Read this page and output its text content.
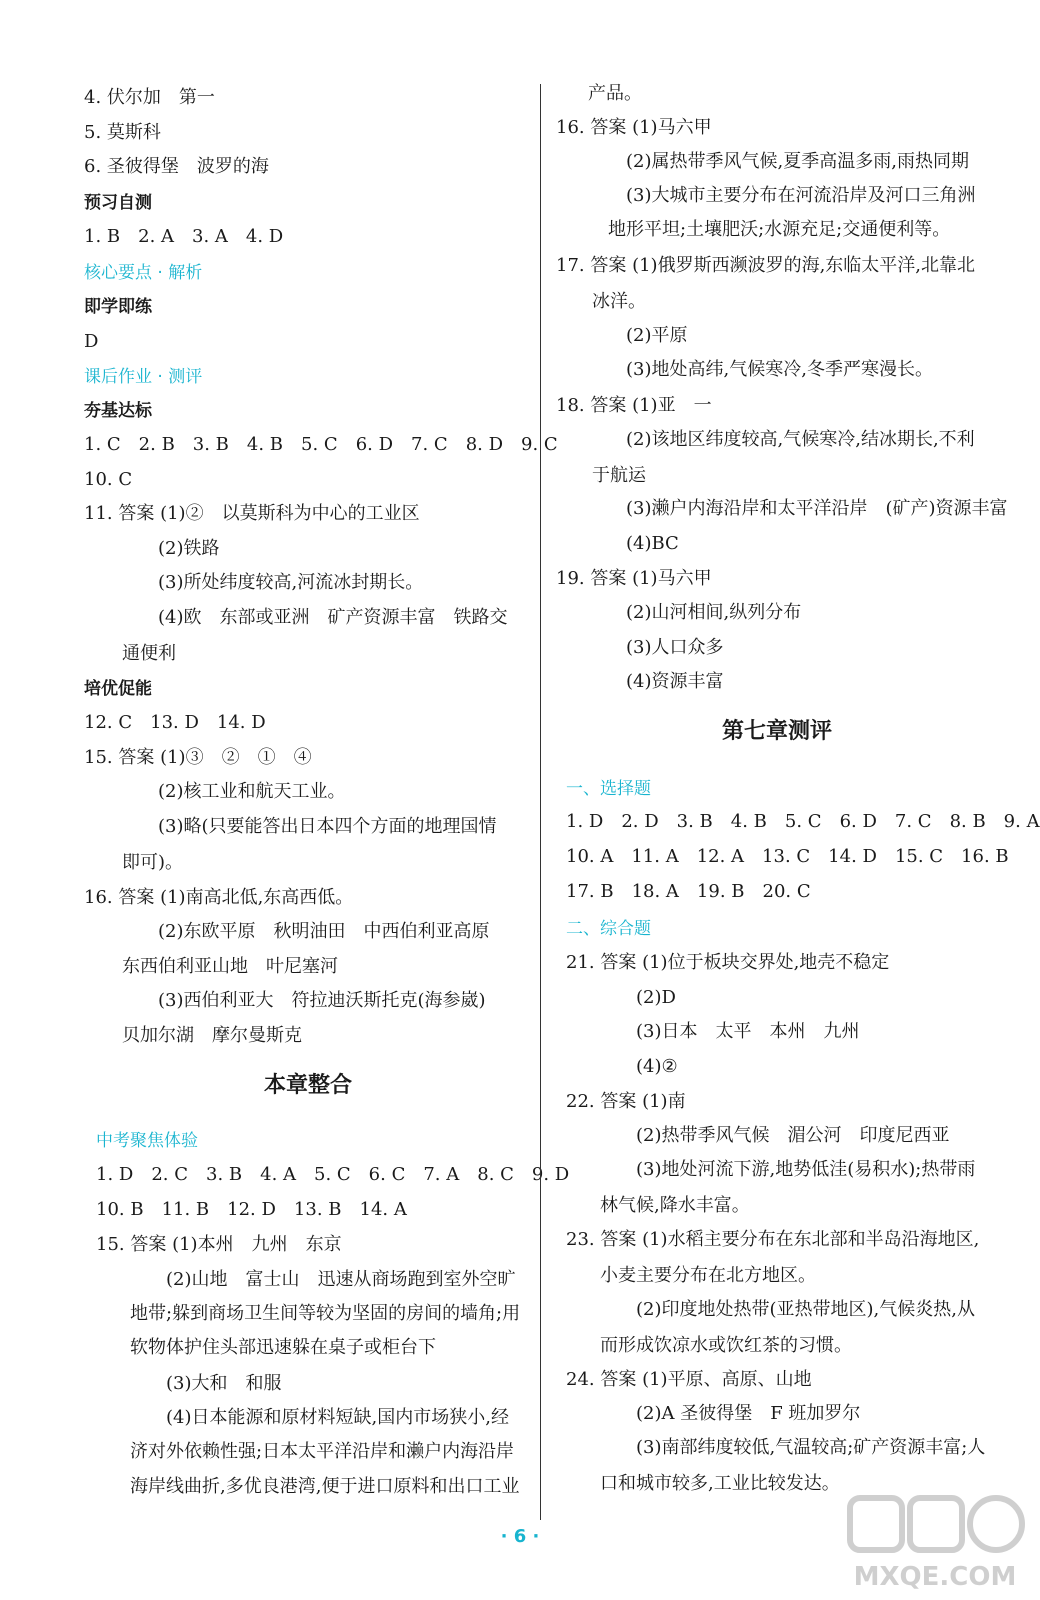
4. 伏尔加　第一
5. 莫斯科
6. 圣彼得堡　波罗的海
预习自测
1. B　2. A　3. A　4. D
核心要点 · 解析
即学即练
D
课后作业 · 测评
夯基达标
1. C　2. B　3. B　4. B　5. C　6. D　7. C　8. D　9. C
10. C
11. 答案 (1)②　以莫斯科为中心的工业区
(2)铁路
(3)所处纬度较高,河流冰封期长。
(4)欧　东部或亚洲　矿产资源丰富　铁路交
通便利
培优促能
12. C　13. D　14. D
15. 答案 (1)③　②　①　④
(2)核工业和航天工业。
(3)略(只要能答出日本四个方面的地理国情
即可)。
16. 答案 (1)南高北低,东高西低。
(2)东欧平原　秋明油田　中西伯利亚高原
东西伯利亚山地　叶尼塞河
(3)西伯利亚大　符拉迪沃斯托克(海参崴)
贝加尔湖　摩尔曼斯克
本章整合
中考聚焦体验
1. D　2. C　3. B　4. A　5. C　6. C　7. A　8. C　9. D
10. B　11. B　12. D　13. B　14. A
15. 答案 (1)本州　九州　东京
(2)山地　富士山　迅速从商场跑到室外空旷
地带;躲到商场卫生间等较为坚固的房间的墙角;用
软物体护住头部迅速躲在桌子或柜台下
(3)大和　和服
(4)日本能源和原材料短缺,国内市场狭小,经
济对外依赖性强;日本太平洋沿岸和濑户内海沿岸
海岸线曲折,多优良港湾,便于进口原料和出口工业
产品。
16. 答案 (1)马六甲
(2)属热带季风气候,夏季高温多雨,雨热同期
(3)大城市主要分布在河流沿岸及河口三角洲
地形平坦;土壤肥沃;水源充足;交通便利等。
17. 答案 (1)俄罗斯西濒波罗的海,东临太平洋,北靠北
冰洋。
(2)平原
(3)地处高纬,气候寒冷,冬季严寒漫长。
18. 答案 (1)亚　一
(2)该地区纬度较高,气候寒冷,结冰期长,不利
于航运
(3)濑户内海沿岸和太平洋沿岸　(矿产)资源丰富
(4)BC
19. 答案 (1)马六甲
(2)山河相间,纵列分布
(3)人口众多
(4)资源丰富
第七章测评
一、选择题
1. D　2. D　3. B　4. B　5. C　6. D　7. C　8. B　9. A
10. A　11. A　12. A　13. C　14. D　15. C　16. B
17. B　18. A　19. B　20. C
二、综合题
21. 答案 (1)位于板块交界处,地壳不稳定
(2)D
(3)日本　太平　本州　九州
(4)②
22. 答案 (1)南
(2)热带季风气候　湄公河　印度尼西亚
(3)地处河流下游,地势低洼(易积水);热带雨
林气候,降水丰富。
23. 答案 (1)水稻主要分布在东北部和半岛沿海地区,
小麦主要分布在北方地区。
(2)印度地处热带(亚热带地区),气候炎热,从
而形成饮凉水或饮红茶的习惯。
24. 答案 (1)平原、高原、山地
(2)A 圣彼得堡　F 班加罗尔
(3)南部纬度较低,气温较高;矿产资源丰富;人
口和城市较多,工业比较发达。
· 6 ·
MXQE.COM
